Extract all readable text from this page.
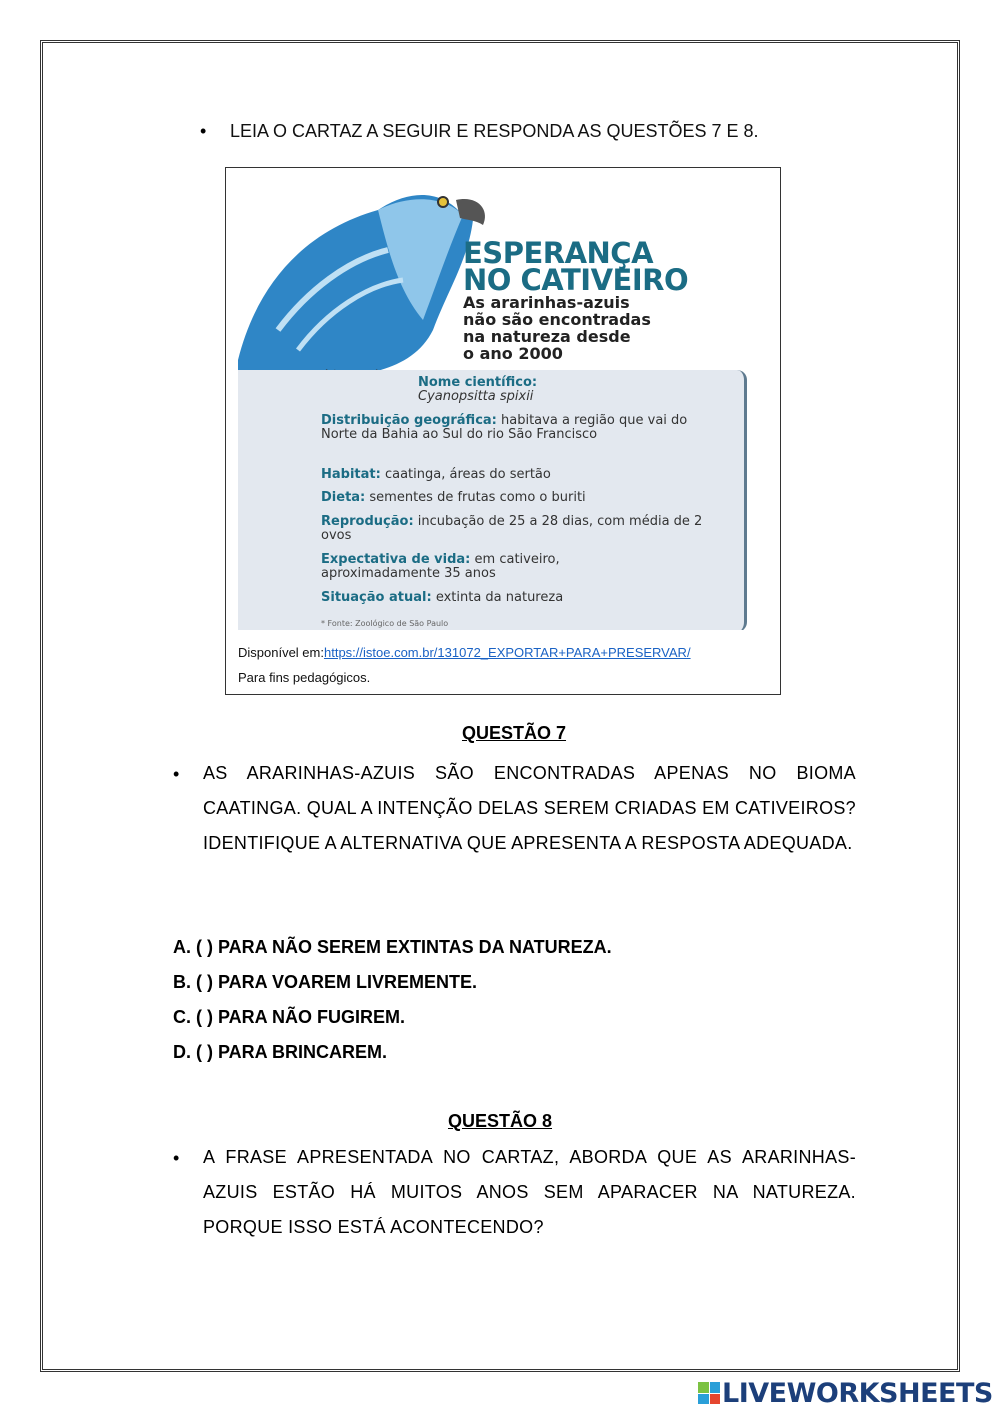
• LEIA O CARTAZ A SEGUIR E RESPONDA AS QUESTÕES 7 E 8.
ESPERANÇA
NO CATIVEIRO
As ararinhas-azuis
não são encontradas
na natureza desde
o ano 2000
Nome científico:
Cyanopsitta spixii
Distribuição geográfica: habitava a região que vai do Norte da Bahia ao Sul do rio São Francisco
Habitat: caatinga, áreas do sertão
Dieta: sementes de frutas como o buriti
Reprodução: incubação de 25 a 28 dias, com média de 2 ovos
Expectativa de vida: em cativeiro, aproximadamente 35 anos
Situação atual: extinta da natureza
* Fonte: Zoológico de São Paulo
Disponível em:https://istoe.com.br/131072_EXPORTAR+PARA+PRESERVAR/
Para fins pedagógicos.
QUESTÃO 7
• AS ARARINHAS-AZUIS SÃO ENCONTRADAS APENAS NO BIOMA CAATINGA. QUAL A INTENÇÃO DELAS SEREM CRIADAS EM CATIVEIROS? IDENTIFIQUE A ALTERNATIVA QUE APRESENTA A RESPOSTA ADEQUADA.
A. ( ) PARA NÃO SEREM EXTINTAS DA NATUREZA.
B. ( ) PARA VOAREM LIVREMENTE.
C. ( ) PARA NÃO FUGIREM.
D. ( ) PARA BRINCAREM.
QUESTÃO 8
• A FRASE APRESENTADA NO CARTAZ, ABORDA QUE AS ARARINHAS-AZUIS ESTÃO HÁ MUITOS ANOS SEM APARACER NA NATUREZA. PORQUE ISSO ESTÁ ACONTECENDO?
LIVEWORKSHEETS
